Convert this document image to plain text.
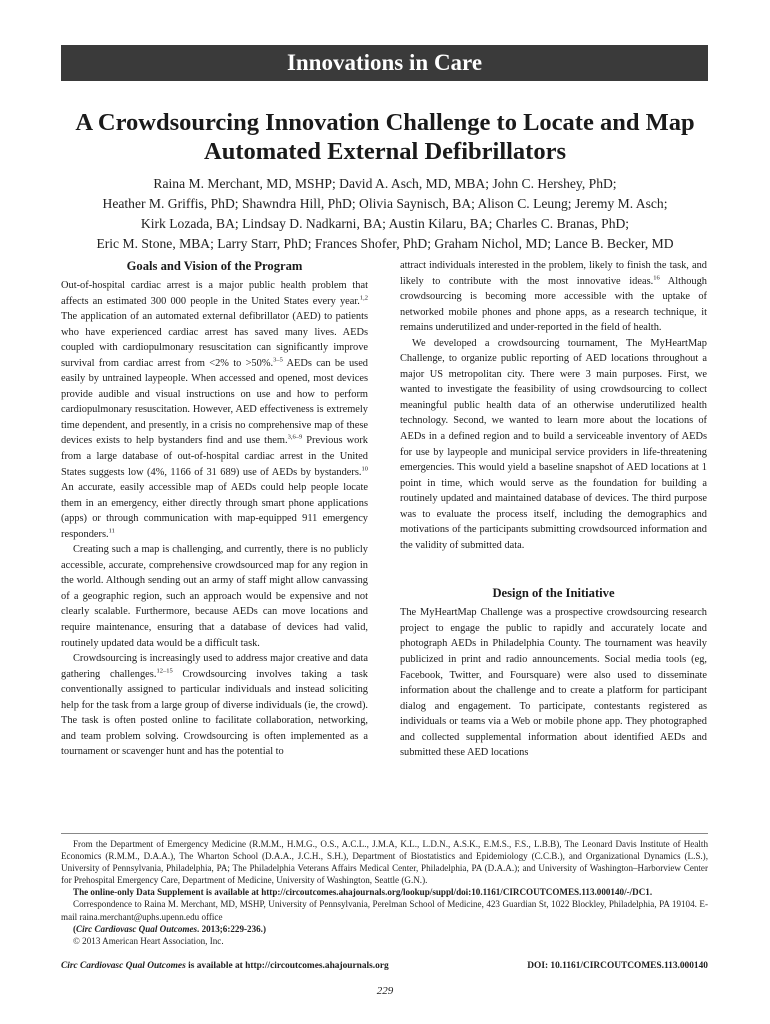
Innovations in Care
A Crowdsourcing Innovation Challenge to Locate and Map
Automated External Defibrillators
Raina M. Merchant, MD, MSHP; David A. Asch, MD, MBA; John C. Hershey, PhD;
Heather M. Griffis, PhD; Shawndra Hill, PhD; Olivia Saynisch, BA; Alison C. Leung; Jeremy M. Asch;
Kirk Lozada, BA; Lindsay D. Nadkarni, BA; Austin Kilaru, BA; Charles C. Branas, PhD;
Eric M. Stone, MBA; Larry Starr, PhD; Frances Shofer, PhD; Graham Nichol, MD; Lance B. Becker, MD
Goals and Vision of the Program

Out-of-hospital cardiac arrest is a major public health problem that affects an estimated 300 000 people in the United States every year.$^{1,2}$ The application of an automated external defibrillator (AED) to patients who have experienced cardiac arrest has saved many lives. AEDs coupled with cardiopulmonary resuscitation can significantly improve survival from cardiac arrest from <2% to >50%.$^{3-5}$ AEDs can be used easily by untrained laypeople. When accessed and opened, most devices provide audible and visual instructions on use and how to perform cardiopulmonary resuscitation. However, AED effectiveness is extremely time dependent, and presently, in a crisis no comprehensive map of these devices exists to help bystanders find and use them.$^{3,6-9}$ Previous work from a large database of out-of-hospital cardiac arrest in the United States suggests low (4%, 1166 of 31 689) use of AEDs by bystanders.$^{10}$ An accurate, easily accessible map of AEDs could help people locate them in an emergency, either directly through smart phone applications (apps) or through communication with map-equipped 911 emergency responders.$^{11}$

Creating such a map is challenging, and currently, there is no publicly accessible, accurate, comprehensive crowdsourced map for any region in the world. Although sending out an army of staff might allow canvassing of a geographic region, such an approach would be expensive and not clearly scalable. Furthermore, because AEDs can move locations and require maintenance, ensuring that a database of devices had valid, routinely updated data would be a difficult task.

Crowdsourcing is increasingly used to address major creative and data gathering challenges.$^{12-15}$ Crowdsourcing involves taking a task conventionally assigned to particular individuals and instead soliciting help for the task from a large group of diverse individuals (ie, the crowd). The task is often posted online to facilitate collaboration, networking, and team problem solving. Crowdsourcing is often implemented as a tournament or scavenger hunt and has the potential to

attract individuals interested in the problem, likely to finish the task, and likely to contribute with the most innovative ideas.$^{16}$ Although crowdsourcing is becoming more accessible with the uptake of networked mobile phones and phone apps, as a research technique, it remains underutilized and under-reported in the field of health.

We developed a crowdsourcing tournament, The MyHeartMap Challenge, to organize public reporting of AED locations throughout a major US metropolitan city. There were 3 main purposes. First, we wanted to investigate the feasibility of using crowdsourcing to collect meaningful public health data of an otherwise underutilized health technology. Second, we wanted to learn more about the locations of AEDs in a defined region and to build a serviceable inventory of AEDs for use by laypeople and municipal service providers in life-threatening emergencies. This would yield a baseline snapshot of AED locations at 1 point in time, which would serve as the foundation for building a routinely updated and maintained database of devices. The third purpose was to evaluate the process itself, including the demographics and motivations of the participants submitting crowdsourced information and the validity of submitted data.

Design of the Initiative

The MyHeartMap Challenge was a prospective crowdsourcing research project to engage the public to rapidly and accurately locate and photograph AEDs in Philadelphia County. The tournament was heavily publicized in print and radio announcements. Social media tools (eg, Facebook, Twitter, and Foursquare) were also used to disseminate information about the challenge and to create a platform for participant dialog and engagement. To participate, contestants registered as individuals or teams via a Web or mobile phone app. They photographed and collected supplemental information about identified AEDs and submitted these AED locations

From the Department of Emergency Medicine (R.M.M., H.M.G., O.S., A.C.L., J.M.A, K.L., L.D.N., A.S.K., E.M.S., F.S., L.B.B), The Leonard Davis Institute of Health Economics (R.M.M., D.A.A.), The Wharton School (D.A.A., J.C.H., S.H.), Department of Biostatistics and Epidemiology (C.C.B.), and Organizational Dynamics (L.S.), University of Pennsylvania, Philadelphia, PA; The Philadelphia Veterans Affairs Medical Center, Philadelphia, PA (D.A.A.); and University of Washington–Harborview Center for Prehospital Emergency Care, Department of Medicine, University of Washington, Seattle (G.N.).

The online-only Data Supplement is available at http://circoutcomes.ahajournals.org/lookup/suppl/doi:10.1161/CIRCOUTCOMES.113.000140/-/DC1.

Correspondence to Raina M. Merchant, MD, MSHP, University of Pennsylvania, Perelman School of Medicine, 423 Guardian St, 1022 Blockley, Philadelphia, PA 19104. E-mail raina.merchant@uphs.upenn.edu office

(Circ Cardiovasc Qual Outcomes. 2013;6:229-236.)

© 2013 American Heart Association, Inc.

Circ Cardiovasc Qual Outcomes is available at http://circoutcomes.ahajournals.org	DOI: 10.1161/CIRCOUTCOMES.113.000140
229
